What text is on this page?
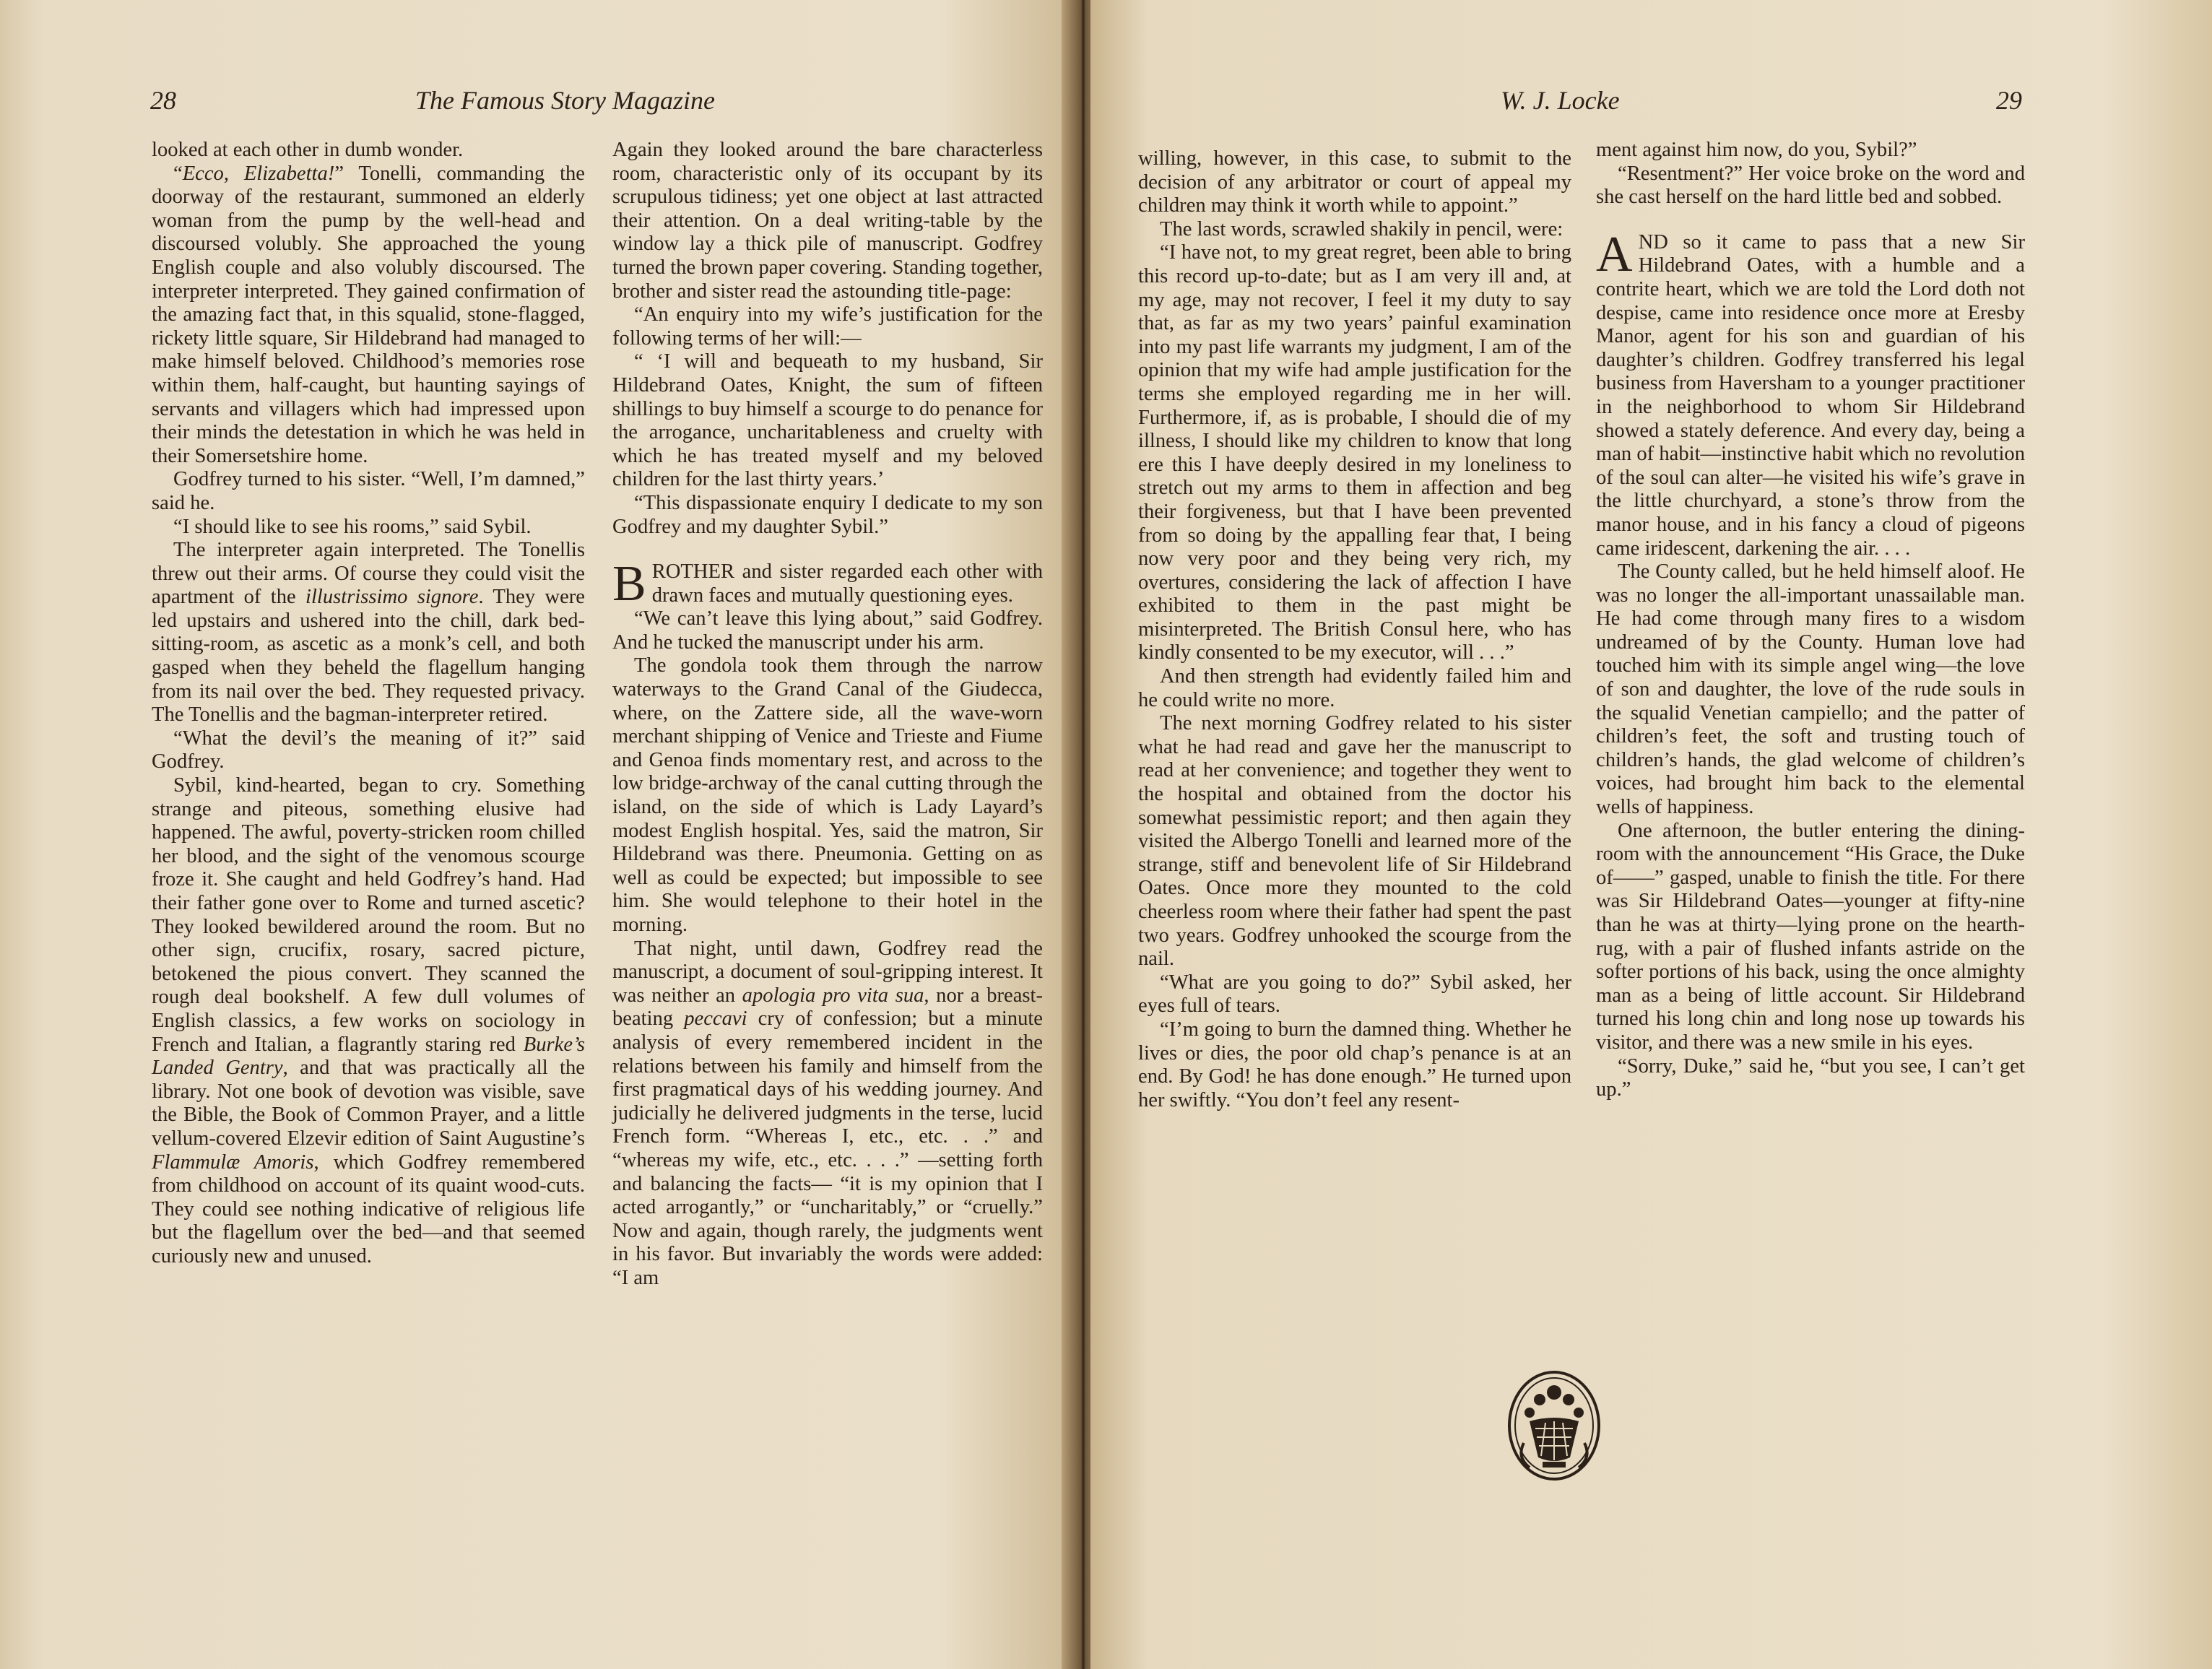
28	The Famous Story Magazine

looked at each other in dumb wonder.

“Ecco, Elizabetta!” Tonelli, commanding the doorway of the restaurant, summoned an elderly woman from the pump by the well-head and discoursed volubly. She approached the young English couple and also volubly discoursed. The interpreter interpreted. They gained confirmation of the amazing fact that, in this squalid, stone-flagged, rickety little square, Sir Hildebrand had managed to make himself beloved. Childhood’s memories rose within them, half-caught, but haunting sayings of servants and villagers which had impressed upon their minds the detestation in which he was held in their Somersetshire home.

Godfrey turned to his sister. “Well, I’m damned,” said he.

“I should like to see his rooms,” said Sybil.

The interpreter again interpreted. The Tonellis threw out their arms. Of course they could visit the apartment of the illustrissimo signore. They were led upstairs and ushered into the chill, dark bed-sitting-room, as ascetic as a monk’s cell, and both gasped when they beheld the flagellum hanging from its nail over the bed. They requested privacy. The Tonellis and the bagman-interpreter retired.

“What the devil’s the meaning of it?” said Godfrey.

Sybil, kind-hearted, began to cry. Something strange and piteous, something elusive had happened. The awful, poverty-stricken room chilled her blood, and the sight of the venomous scourge froze it. She caught and held Godfrey’s hand. Had their father gone over to Rome and turned ascetic? They looked bewildered around the room. But no other sign, crucifix, rosary, sacred picture, betokened the pious convert. They scanned the rough deal bookshelf. A few dull volumes of English classics, a few works on sociology in French and Italian, a flagrantly staring red Burke’s Landed Gentry, and that was practically all the library. Not one book of devotion was visible, save the Bible, the Book of Common Prayer, and a little vellum-covered Elzevir edition of Saint Augustine’s Flammulæ Amoris, which Godfrey remembered from childhood on account of its quaint wood-cuts. They could see nothing indicative of religious life but the flagellum over the bed—and that seemed curiously new and unused.

Again they looked around the bare characterless room, characteristic only of its occupant by its scrupulous tidiness; yet one object at last attracted their attention. On a deal writing-table by the window lay a thick pile of manuscript. Godfrey turned the brown paper covering. Standing together, brother and sister read the astounding title-page:

“An enquiry into my wife’s justification for the following terms of her will:—

“ ‘I will and bequeath to my husband, Sir Hildebrand Oates, Knight, the sum of fifteen shillings to buy himself a scourge to do penance for the arrogance, uncharitableness and cruelty with which he has treated myself and my beloved children for the last thirty years.’

“This dispassionate enquiry I dedicate to my son Godfrey and my daughter Sybil.”

BROTHER and sister regarded each other with drawn faces and mutually questioning eyes.

“We can’t leave this lying about,” said Godfrey. And he tucked the manuscript under his arm.

The gondola took them through the narrow waterways to the Grand Canal of the Giudecca, where, on the Zattere side, all the wave-worn merchant shipping of Venice and Trieste and Fiume and Genoa finds momentary rest, and across to the low bridge-archway of the canal cutting through the island, on the side of which is Lady Layard’s modest English hospital. Yes, said the matron, Sir Hildebrand was there. Pneumonia. Getting on as well as could be expected; but impossible to see him. She would telephone to their hotel in the morning.

That night, until dawn, Godfrey read the manuscript, a document of soul-gripping interest. It was neither an apologia pro vita sua, nor a breast-beating peccavi cry of confession; but a minute analysis of every remembered incident in the relations between his family and himself from the first pragmatical days of his wedding journey. And judicially he delivered judgments in the terse, lucid French form. “Whereas I, etc., etc. . .” and “whereas my wife, etc., etc. . . .” —setting forth and balancing the facts— “it is my opinion that I acted arrogantly,” or “uncharitably,” or “cruelly.” Now and again, though rarely, the judgments went in his favor. But invariably the words were added: “I am

W. J. Locke	29

willing, however, in this case, to submit to the decision of any arbitrator or court of appeal my children may think it worth while to appoint.”

The last words, scrawled shakily in pencil, were:

“I have not, to my great regret, been able to bring this record up-to-date; but as I am very ill and, at my age, may not recover, I feel it my duty to say that, as far as my two years’ painful examination into my past life warrants my judgment, I am of the opinion that my wife had ample justification for the terms she employed regarding me in her will. Furthermore, if, as is probable, I should die of my illness, I should like my children to know that long ere this I have deeply desired in my loneliness to stretch out my arms to them in affection and beg their forgiveness, but that I have been prevented from so doing by the appalling fear that, I being now very poor and they being very rich, my overtures, considering the lack of affection I have exhibited to them in the past might be misinterpreted. The British Consul here, who has kindly consented to be my executor, will . . .”

And then strength had evidently failed him and he could write no more.

The next morning Godfrey related to his sister what he had read and gave her the manuscript to read at her convenience; and together they went to the hospital and obtained from the doctor his somewhat pessimistic report; and then again they visited the Albergo Tonelli and learned more of the strange, stiff and benevolent life of Sir Hildebrand Oates. Once more they mounted to the cold cheerless room where their father had spent the past two years. Godfrey unhooked the scourge from the nail.

“What are you going to do?” Sybil asked, her eyes full of tears.

“I’m going to burn the damned thing. Whether he lives or dies, the poor old chap’s penance is at an end. By God! he has done enough.” He turned upon her swiftly. “You don’t feel any resent-

ment against him now, do you, Sybil?”

“Resentment?” Her voice broke on the word and she cast herself on the hard little bed and sobbed.

AND so it came to pass that a new Sir Hildebrand Oates, with a humble and a contrite heart, which we are told the Lord doth not despise, came into residence once more at Eresby Manor, agent for his son and guardian of his daughter’s children. Godfrey transferred his legal business from Haversham to a younger practitioner in the neighborhood to whom Sir Hildebrand showed a stately deference. And every day, being a man of habit—instinctive habit which no revolution of the soul can alter—he visited his wife’s grave in the little churchyard, a stone’s throw from the manor house, and in his fancy a cloud of pigeons came iridescent, darkening the air. . . .

The County called, but he held himself aloof. He was no longer the all-important unassailable man. He had come through many fires to a wisdom undreamed of by the County. Human love had touched him with its simple angel wing—the love of son and daughter, the love of the rude souls in the squalid Venetian campiello; and the patter of children’s feet, the soft and trusting touch of children’s hands, the glad welcome of children’s voices, had brought him back to the elemental wells of happiness.

One afternoon, the butler entering the dining-room with the announcement “His Grace, the Duke of——” gasped, unable to finish the title. For there was Sir Hildebrand Oates—younger at fifty-nine than he was at thirty—lying prone on the hearth-rug, with a pair of flushed infants astride on the softer portions of his back, using the once almighty man as a being of little account. Sir Hildebrand turned his long chin and long nose up towards his visitor, and there was a new smile in his eyes.

“Sorry, Duke,” said he, “but you see, I can’t get up.”
